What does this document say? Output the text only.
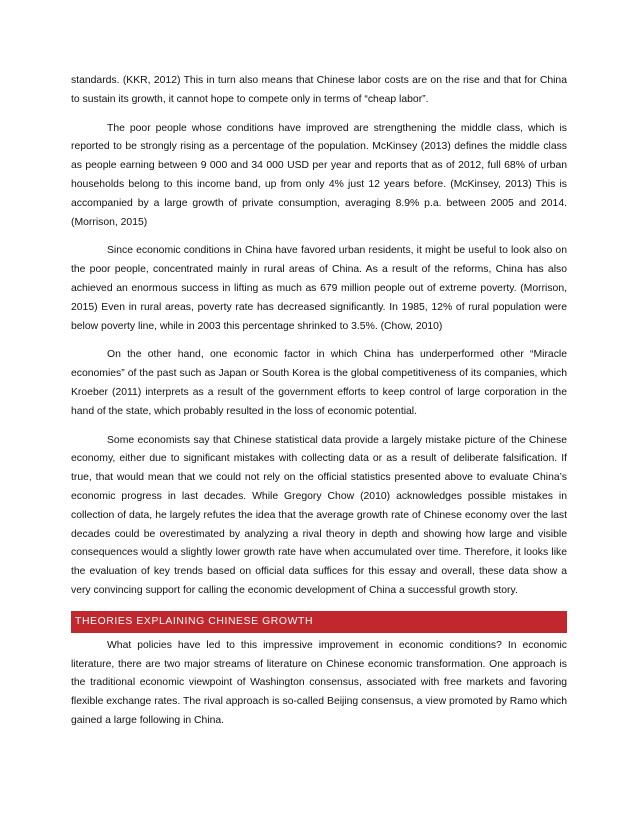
standards. (KKR, 2012) This in turn also means that Chinese labor costs are on the rise and that for China to sustain its growth, it cannot hope to compete only in terms of “cheap labor”.

The poor people whose conditions have improved are strengthening the middle class, which is reported to be strongly rising as a percentage of the population. McKinsey (2013) defines the middle class as people earning between 9 000 and 34 000 USD per year and reports that as of 2012, full 68% of urban households belong to this income band, up from only 4% just 12 years before. (McKinsey, 2013) This is accompanied by a large growth of private consumption, averaging 8.9% p.a. between 2005 and 2014. (Morrison, 2015)

Since economic conditions in China have favored urban residents, it might be useful to look also on the poor people, concentrated mainly in rural areas of China. As a result of the reforms, China has also achieved an enormous success in lifting as much as 679 million people out of extreme poverty. (Morrison, 2015) Even in rural areas, poverty rate has decreased significantly. In 1985, 12% of rural population were below poverty line, while in 2003 this percentage shrinked to 3.5%. (Chow, 2010)

On the other hand, one economic factor in which China has underperformed other “Miracle economies” of the past such as Japan or South Korea is the global competitiveness of its companies, which Kroeber (2011) interprets as a result of the government efforts to keep control of large corporation in the hand of the state, which probably resulted in the loss of economic potential.

Some economists say that Chinese statistical data provide a largely mistake picture of the Chinese economy, either due to significant mistakes with collecting data or as a result of deliberate falsification. If true, that would mean that we could not rely on the official statistics presented above to evaluate China’s economic progress in last decades. While Gregory Chow (2010) acknowledges possible mistakes in collection of data, he largely refutes the idea that the average growth rate of Chinese economy over the last decades could be overestimated by analyzing a rival theory in depth and showing how large and visible consequences would a slightly lower growth rate have when accumulated over time. Therefore, it looks like the evaluation of key trends based on official data suffices for this essay and overall, these data show a very convincing support for calling the economic development of China a successful growth story.

THEORIES EXPLAINING CHINESE GROWTH

What policies have led to this impressive improvement in economic conditions? In economic literature, there are two major streams of literature on Chinese economic transformation. One approach is the traditional economic viewpoint of Washington consensus, associated with free markets and favoring flexible exchange rates. The rival approach is so-called Beijing consensus, a view promoted by Ramo which gained a large following in China.
